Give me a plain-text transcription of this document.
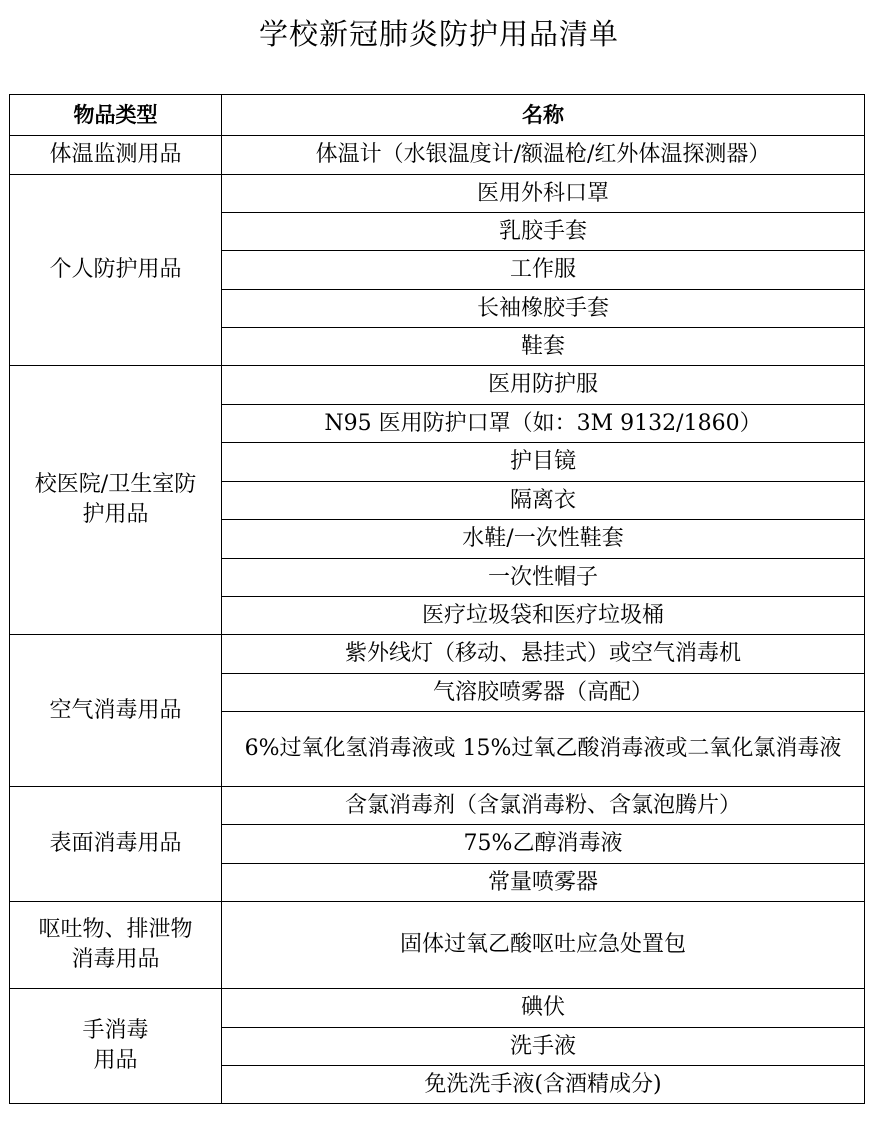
学校新冠肺炎防护用品清单
物品类型	名称

体温监测用品	体温计（水银温度计/额温枪/红外体温探测器）

个人防护用品	医用外科口罩
	乳胶手套
	工作服
	长袖橡胶手套
	鞋套

校医院/卫生室防
护用品	医用防护服
	N95 医用防护口罩（如：3M 9132/1860）
	护目镜
	隔离衣
	水鞋/一次性鞋套
	一次性帽子
	医疗垃圾袋和医疗垃圾桶

空气消毒用品	紫外线灯（移动、悬挂式）或空气消毒机
	气溶胶喷雾器（高配）
	6%过氧化氢消毒液或 15%过氧乙酸消毒液或二氧化氯消毒液

表面消毒用品	含氯消毒剂（含氯消毒粉、含氯泡腾片）
	75%乙醇消毒液
	常量喷雾器

呕吐物、排泄物
消毒用品	固体过氧乙酸呕吐应急处置包

手消毒
用品	碘伏
	洗手液
	免洗洗手液(含酒精成分)
